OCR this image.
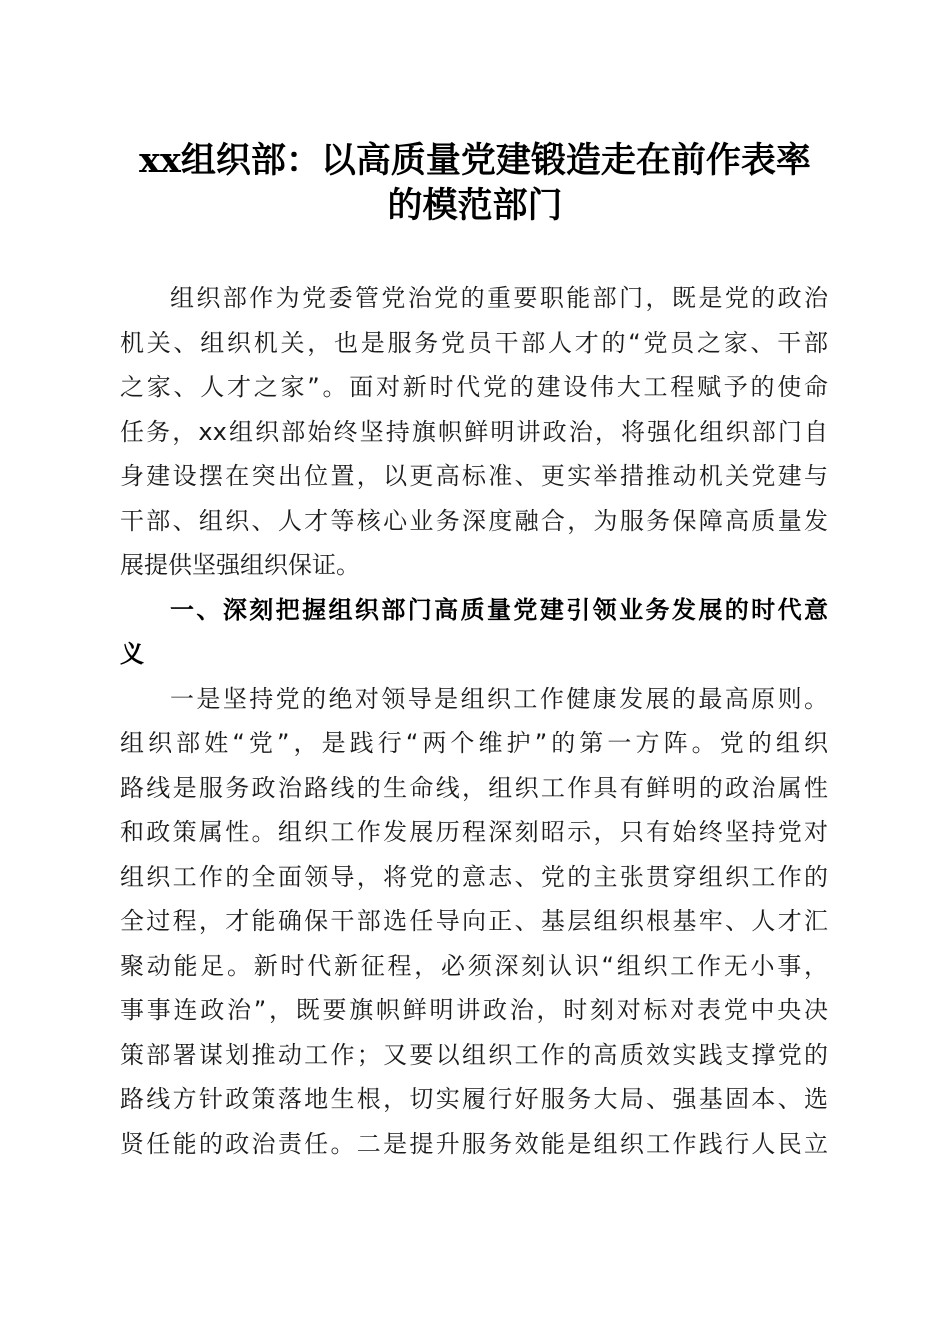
xx组织部：以高质量党建锻造走在前作表率
的模范部门
组织部作为党委管党治党的重要职能部门，既是党的政治
机关、组织机关，也是服务党员干部人才的“党员之家、干部
之家、人才之家”。面对新时代党的建设伟大工程赋予的使命
任务，xx组织部始终坚持旗帜鲜明讲政治，将强化组织部门自
身建设摆在突出位置，以更高标准、更实举措推动机关党建与
干部、组织、人才等核心业务深度融合，为服务保障高质量发
展提供坚强组织保证。
一、深刻把握组织部门高质量党建引领业务发展的时代意
义
一是坚持党的绝对领导是组织工作健康发展的最高原则。
组织部姓“党”，是践行“两个维护”的第一方阵。党的组织
路线是服务政治路线的生命线，组织工作具有鲜明的政治属性
和政策属性。组织工作发展历程深刻昭示，只有始终坚持党对
组织工作的全面领导，将党的意志、党的主张贯穿组织工作的
全过程，才能确保干部选任导向正、基层组织根基牢、人才汇
聚动能足。新时代新征程，必须深刻认识“组织工作无小事，
事事连政治”，既要旗帜鲜明讲政治，时刻对标对表党中央决
策部署谋划推动工作；又要以组织工作的高质效实践支撑党的
路线方针政策落地生根，切实履行好服务大局、强基固本、选
贤任能的政治责任。二是提升服务效能是组织工作践行人民立
